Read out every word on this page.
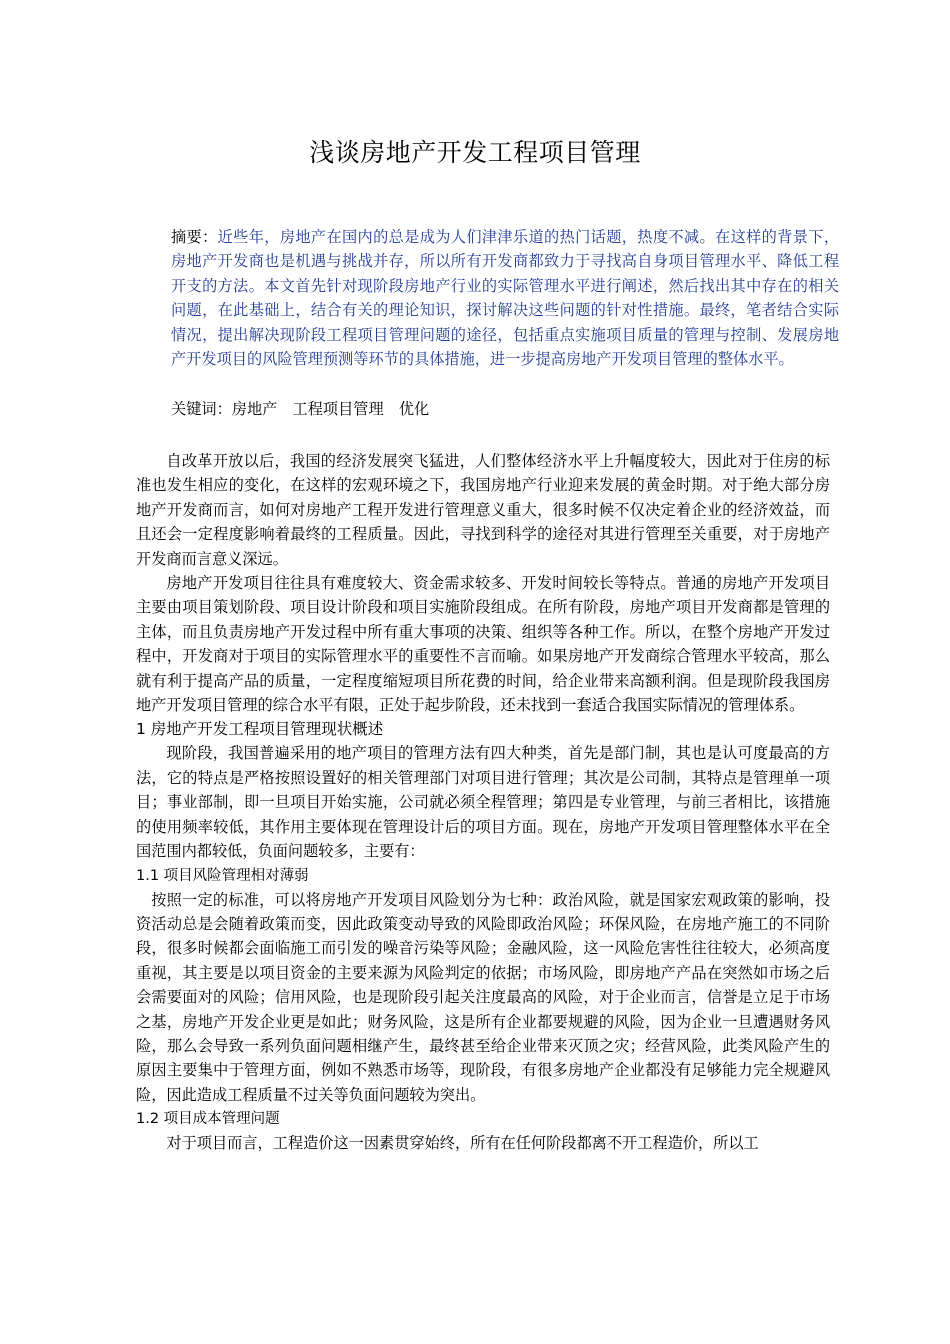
浅谈房地产开发工程项目管理
摘要：近些年，房地产在国内的总是成为人们津津乐道的热门话题，热度不减。在这样的背景下，房地产开发商也是机遇与挑战并存，所以所有开发商都致力于寻找高自身项目管理水平、降低工程开支的方法。本文首先针对现阶段房地产行业的实际管理水平进行阐述，然后找出其中存在的相关问题，在此基础上，结合有关的理论知识，探讨解决这些问题的针对性措施。最终，笔者结合实际情况，提出解决现阶段工程项目管理问题的途径，包括重点实施项目质量的管理与控制、发展房地产开发项目的风险管理预测等环节的具体措施，进一步提高房地产开发项目管理的整体水平。
关键词：房地产　工程项目管理　优化

自改革开放以后，我国的经济发展突飞猛进，人们整体经济水平上升幅度较大，因此对于住房的标准也发生相应的变化，在这样的宏观环境之下，我国房地产行业迎来发展的黄金时期。对于绝大部分房地产开发商而言，如何对房地产工程开发进行管理意义重大，很多时候不仅决定着企业的经济效益，而且还会一定程度影响着最终的工程质量。因此，寻找到科学的途径对其进行管理至关重要，对于房地产开发商而言意义深远。

房地产开发项目往往具有难度较大、资金需求较多、开发时间较长等特点。普通的房地产开发项目主要由项目策划阶段、项目设计阶段和项目实施阶段组成。在所有阶段，房地产项目开发商都是管理的主体，而且负责房地产开发过程中所有重大事项的决策、组织等各种工作。所以，在整个房地产开发过程中，开发商对于项目的实际管理水平的重要性不言而喻。如果房地产开发商综合管理水平较高，那么就有利于提高产品的质量，一定程度缩短项目所花费的时间，给企业带来高额利润。但是现阶段我国房地产开发项目管理的综合水平有限，正处于起步阶段，还未找到一套适合我国实际情况的管理体系。

1 房地产开发工程项目管理现状概述

现阶段，我国普遍采用的地产项目的管理方法有四大种类，首先是部门制，其也是认可度最高的方法，它的特点是严格按照设置好的相关管理部门对项目进行管理；其次是公司制，其特点是管理单一项目；事业部制，即一旦项目开始实施，公司就必须全程管理；第四是专业管理，与前三者相比，该措施的使用频率较低，其作用主要体现在管理设计后的项目方面。现在，房地产开发项目管理整体水平在全国范围内都较低，负面问题较多，主要有：

1.1 项目风险管理相对薄弱

按照一定的标准，可以将房地产开发项目风险划分为七种：政治风险，就是国家宏观政策的影响，投资活动总是会随着政策而变，因此政策变动导致的风险即政治风险；环保风险，在房地产施工的不同阶段，很多时候都会面临施工而引发的噪音污染等风险；金融风险，这一风险危害性往往较大，必须高度重视，其主要是以项目资金的主要来源为风险判定的依据；市场风险，即房地产产品在突然如市场之后会需要面对的风险；信用风险，也是现阶段引起关注度最高的风险，对于企业而言，信誉是立足于市场之基，房地产开发企业更是如此；财务风险，这是所有企业都要规避的风险，因为企业一旦遭遇财务风险，那么会导致一系列负面问题相继产生，最终甚至给企业带来灭顶之灾；经营风险，此类风险产生的原因主要集中于管理方面，例如不熟悉市场等，现阶段，有很多房地产企业都没有足够能力完全规避风险，因此造成工程质量不过关等负面问题较为突出。

1.2 项目成本管理问题

对于项目而言，工程造价这一因素贯穿始终，所有在任何阶段都离不开工程造价，所以工
